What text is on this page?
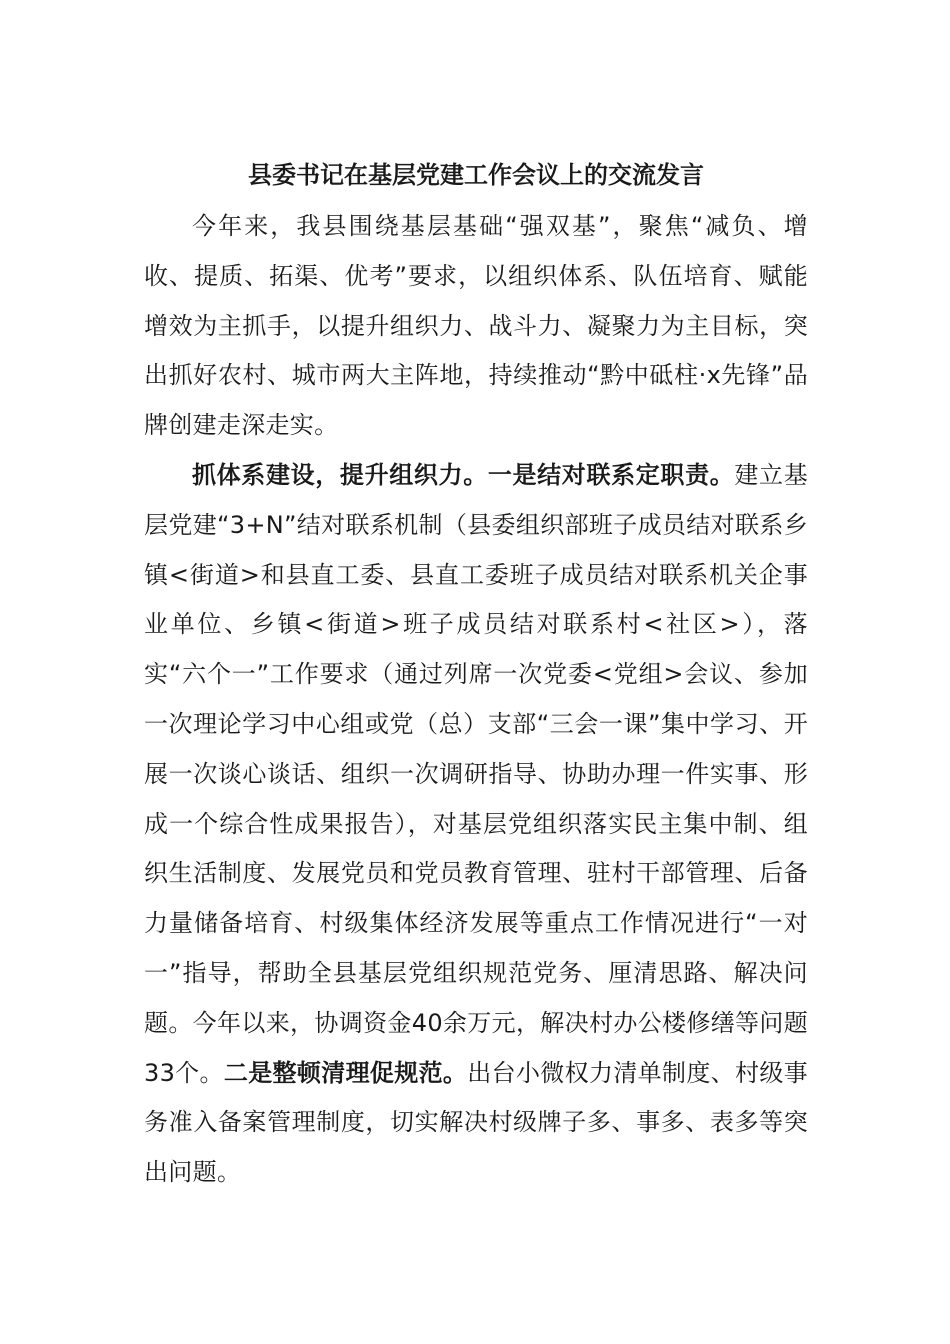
县委书记在基层党建工作会议上的交流发言

今年来，我县围绕基层基础“强双基”，聚焦“减负、增收、提质、拓渠、优考”要求，以组织体系、队伍培育、赋能增效为主抓手，以提升组织力、战斗力、凝聚力为主目标，突出抓好农村、城市两大主阵地，持续推动“黔中砥柱·x先锋”品牌创建走深走实。

抓体系建设，提升组织力。一是结对联系定职责。建立基层党建“3+N”结对联系机制（县委组织部班子成员结对联系乡镇<街道>和县直工委、县直工委班子成员结对联系机关企事业单位、乡镇<街道>班子成员结对联系村<社区>），落实“六个一”工作要求（通过列席一次党委<党组>会议、参加一次理论学习中心组或党（总）支部“三会一课”集中学习、开展一次谈心谈话、组织一次调研指导、协助办理一件实事、形成一个综合性成果报告），对基层党组织落实民主集中制、组织生活制度、发展党员和党员教育管理、驻村干部管理、后备力量储备培育、村级集体经济发展等重点工作情况进行“一对一”指导，帮助全县基层党组织规范党务、厘清思路、解决问题。今年以来，协调资金40余万元，解决村办公楼修缮等问题33个。二是整顿清理促规范。出台小微权力清单制度、村级事务准入备案管理制度，切实解决村级牌子多、事多、表多等突出问题。
